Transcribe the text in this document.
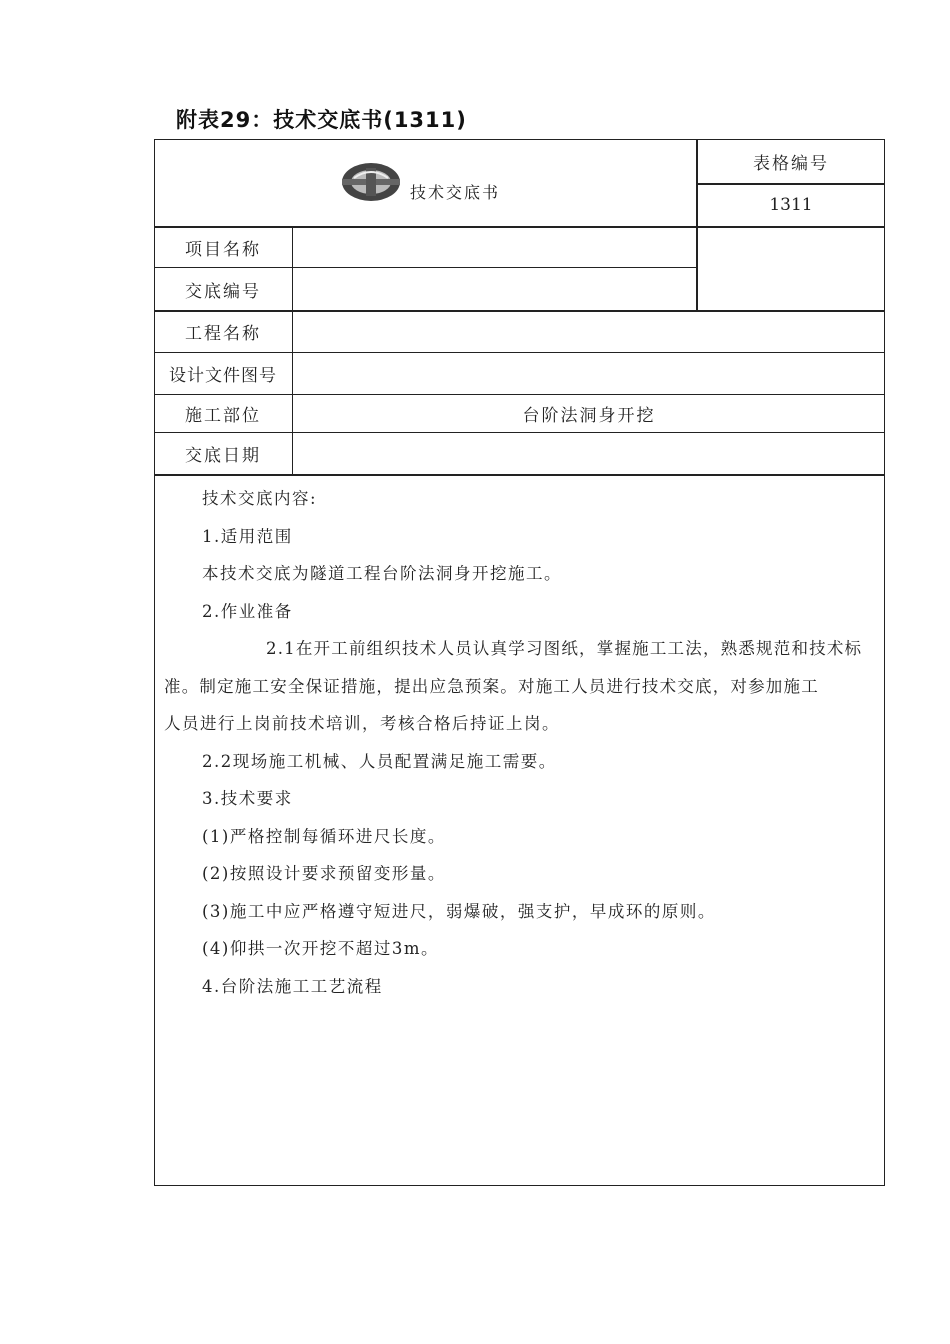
附表29：技术交底书(1311)
技术交底书
表格编号
1311
项目名称
交底编号
工程名称
设计文件图号
施工部位	台阶法洞身开挖
交底日期

技术交底内容:

1.适用范围

本技术交底为隧道工程台阶法洞身开挖施工。

2.作业准备

2.1在开工前组织技术人员认真学习图纸，掌握施工工法，熟悉规范和技术标

准。制定施工安全保证措施，提出应急预案。对施工人员进行技术交底，对参加施工

人员进行上岗前技术培训，考核合格后持证上岗。

2.2现场施工机械、人员配置满足施工需要。

3.技术要求

(1)严格控制每循环进尺长度。

(2)按照设计要求预留变形量。

(3)施工中应严格遵守短进尺，弱爆破，强支护，早成环的原则。

(4)仰拱一次开挖不超过3m。

4.台阶法施工工艺流程
